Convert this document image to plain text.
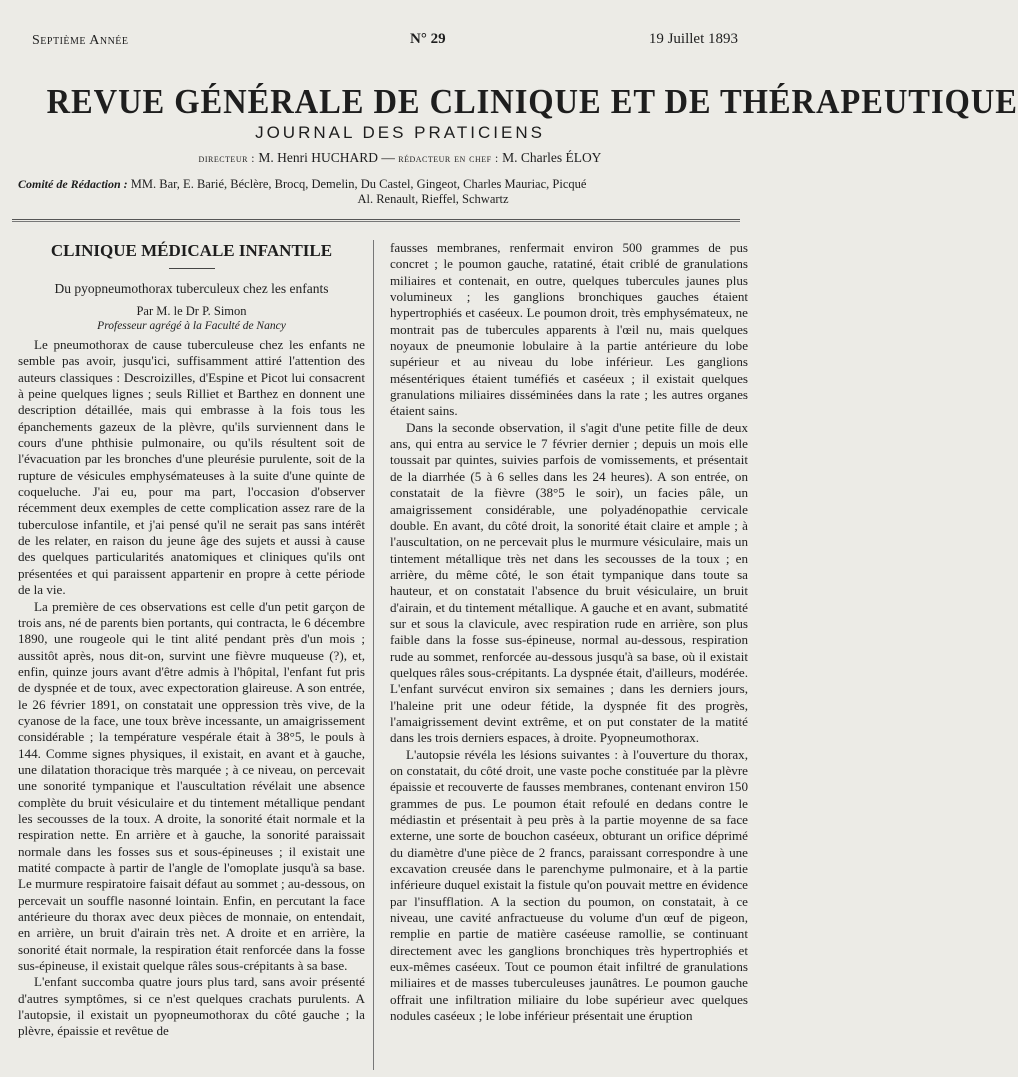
Septième Année	N° 29	19 Juillet 1893
REVUE GÉNÉRALE DE CLINIQUE ET DE THÉRAPEUTIQUE
JOURNAL DES PRATICIENS
directeur : M. Henri HUCHARD — rédacteur en chef : M. Charles ÉLOY
Comité de Rédaction : MM. Bar, E. Barié, Béclère, Brocq, Demelin, Du Castel, Gingeot, Charles Mauriac, Picqué
Al. Renault, Rieffel, Schwartz
CLINIQUE MÉDICALE INFANTILE
Du pyopneumothorax tuberculeux chez les enfants
Par M. le Dr P. Simon
Professeur agrégé à la Faculté de Nancy

Le pneumothorax de cause tuberculeuse chez les enfants ne semble pas avoir, jusqu'ici, suffisamment attiré l'attention des auteurs classiques : Descroizilles, d'Espine et Picot lui consacrent à peine quelques lignes ; seuls Rilliet et Barthez en donnent une description détaillée, mais qui embrasse à la fois tous les épanchements gazeux de la plèvre, qu'ils surviennent dans le cours d'une phthisie pulmonaire, ou qu'ils résultent soit de l'évacuation par les bronches d'une pleurésie purulente, soit de la rupture de vésicules emphysémateuses à la suite d'une quinte de coqueluche. J'ai eu, pour ma part, l'occasion d'observer récemment deux exemples de cette complication assez rare de la tuberculose infantile, et j'ai pensé qu'il ne serait pas sans intérêt de les relater, en raison du jeune âge des sujets et aussi à cause des quelques particularités anatomiques et cliniques qu'ils ont présentées et qui paraissent appartenir en propre à cette période de la vie.

La première de ces observations est celle d'un petit garçon de trois ans, né de parents bien portants, qui contracta, le 6 décembre 1890, une rougeole qui le tint alité pendant près d'un mois ; aussitôt après, nous dit-on, survint une fièvre muqueuse (?), et, enfin, quinze jours avant d'être admis à l'hôpital, l'enfant fut pris de dyspnée et de toux, avec expectoration glaireuse. A son entrée, le 26 février 1891, on constatait une oppression très vive, de la cyanose de la face, une toux brève incessante, un amaigrissement considérable ; la température vespérale était à 38°5, le pouls à 144. Comme signes physiques, il existait, en avant et à gauche, une dilatation thoracique très marquée ; à ce niveau, on percevait une sonorité tympanique et l'auscultation révélait une absence complète du bruit vésiculaire et du tintement métallique pendant les secousses de la toux. A droite, la sonorité était normale et la respiration nette. En arrière et à gauche, la sonorité paraissait normale dans les fosses sus et sous-épineuses ; il existait une matité compacte à partir de l'angle de l'omoplate jusqu'à sa base. Le murmure respiratoire faisait défaut au sommet ; au-dessous, on percevait un souffle nasonné lointain. Enfin, en percutant la face antérieure du thorax avec deux pièces de monnaie, on entendait, en arrière, un bruit d'airain très net. A droite et en arrière, la sonorité était normale, la respiration était renforcée dans la fosse sus-épineuse, il existait quelque râles sous-crépitants à sa base.

L'enfant succomba quatre jours plus tard, sans avoir présenté d'autres symptômes, si ce n'est quelques crachats purulents. A l'autopsie, il existait un pyopneumothorax du côté gauche ; la plèvre, épaissie et revêtue de

fausses membranes, renfermait environ 500 grammes de pus concret ; le poumon gauche, ratatiné, était criblé de granulations miliaires et contenait, en outre, quelques tubercules jaunes plus volumineux ; les ganglions bronchiques gauches étaient hypertrophiés et caséeux. Le poumon droit, très emphysémateux, ne montrait pas de tubercules apparents à l'œil nu, mais quelques noyaux de pneumonie lobulaire à la partie antérieure du lobe supérieur et au niveau du lobe inférieur. Les ganglions mésentériques étaient tuméfiés et caséeux ; il existait quelques granulations miliaires disséminées dans la rate ; les autres organes étaient sains.

Dans la seconde observation, il s'agit d'une petite fille de deux ans, qui entra au service le 7 février dernier ; depuis un mois elle toussait par quintes, suivies parfois de vomissements, et présentait de la diarrhée (5 à 6 selles dans les 24 heures). A son entrée, on constatait de la fièvre (38°5 le soir), un facies pâle, un amaigrissement considérable, une polyadénopathie cervicale double. En avant, du côté droit, la sonorité était claire et ample ; à l'auscultation, on ne percevait plus le murmure vésiculaire, mais un tintement métallique très net dans les secousses de la toux ; en arrière, du même côté, le son était tympanique dans toute sa hauteur, et on constatait l'absence du bruit vésiculaire, un bruit d'airain, et du tintement métallique. A gauche et en avant, submatité sur et sous la clavicule, avec respiration rude en arrière, son plus faible dans la fosse sus-épineuse, normal au-dessous, respiration rude au sommet, renforcée au-dessous jusqu'à sa base, où il existait quelques râles sous-crépitants. La dyspnée était, d'ailleurs, modérée. L'enfant survécut environ six semaines ; dans les derniers jours, l'haleine prit une odeur fétide, la dyspnée fit des progrès, l'amaigrissement devint extrême, et on put constater de la matité dans les trois derniers espaces, à droite. Pyopneumothorax.

L'autopsie révéla les lésions suivantes : à l'ouverture du thorax, on constatait, du côté droit, une vaste poche constituée par la plèvre épaissie et recouverte de fausses membranes, contenant environ 150 grammes de pus. Le poumon était refoulé en dedans contre le médiastin et présentait à peu près à la partie moyenne de sa face externe, une sorte de bouchon caséeux, obturant un orifice déprimé du diamètre d'une pièce de 2 francs, paraissant correspondre à une excavation creusée dans le parenchyme pulmonaire, et à la partie inférieure duquel existait la fistule qu'on pouvait mettre en évidence par l'insufflation. A la section du poumon, on constatait, à ce niveau, une cavité anfractueuse du volume d'un œuf de pigeon, remplie en partie de matière caséeuse ramollie, se continuant directement avec les ganglions bronchiques très hypertrophiés et eux-mêmes caséeux. Tout ce poumon était infiltré de granulations miliaires et de masses tuberculeuses jaunâtres. Le poumon gauche offrait une infiltration miliaire du lobe supérieur avec quelques nodules caséeux ; le lobe inférieur présentait une éruption
